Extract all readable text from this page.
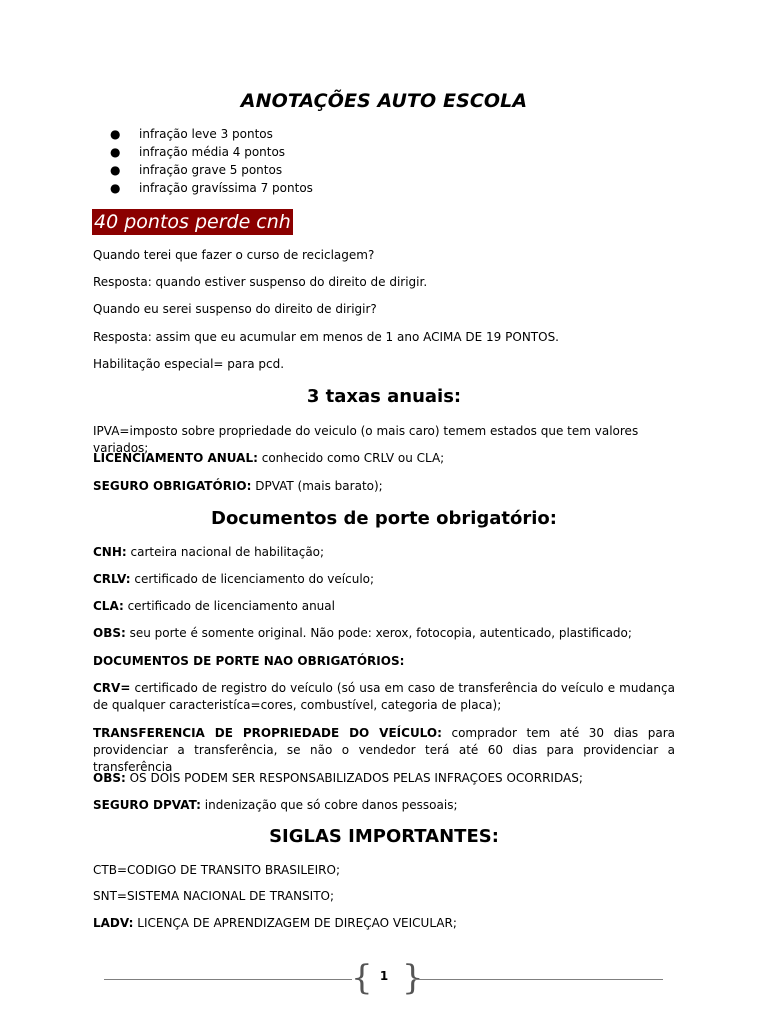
ANOTAÇÕES AUTO ESCOLA
● infração leve 3 pontos
● infração média 4 pontos
● infração grave 5 pontos
● infração gravíssima 7 pontos
40 pontos perde cnh
Quando terei que fazer o curso de reciclagem?
Resposta: quando estiver suspenso do direito de dirigir.
Quando eu serei suspenso do direito de dirigir?
Resposta: assim que eu acumular em menos de 1 ano ACIMA DE 19 PONTOS.
Habilitação especial= para pcd.
3 taxas anuais:
IPVA=imposto sobre propriedade do veiculo (o mais caro) temem estados que tem valores variados;
LICENCIAMENTO ANUAL: conhecido como CRLV ou CLA;
SEGURO OBRIGATÓRIO: DPVAT (mais barato);
Documentos de porte obrigatório:
CNH: carteira nacional de habilitação;
CRLV: certificado de licenciamento do veículo;
CLA: certificado de licenciamento anual
OBS: seu porte é somente original. Não pode: xerox, fotocopia, autenticado, plastificado;
DOCUMENTOS DE PORTE NAO OBRIGATÓRIOS:
CRV= certificado de registro do veículo (só usa em caso de transferência do veículo e mudança de qualquer caracteristíca=cores, combustível, categoria de placa);
TRANSFERENCIA DE PROPRIEDADE DO VEÍCULO: comprador tem até 30 dias para providenciar a transferência, se não o vendedor terá até 60 dias para providenciar a transferência
OBS: OS DOIS PODEM SER RESPONSABILIZADOS PELAS INFRAÇOES OCORRIDAS;
SEGURO DPVAT: indenização que só cobre danos pessoais;
SIGLAS IMPORTANTES:
CTB=CODIGO DE TRANSITO BRASILEIRO;
SNT=SISTEMA NACIONAL DE TRANSITO;
LADV: LICENÇA DE APRENDIZAGEM DE DIREÇAO VEICULAR;
{ 1 }
